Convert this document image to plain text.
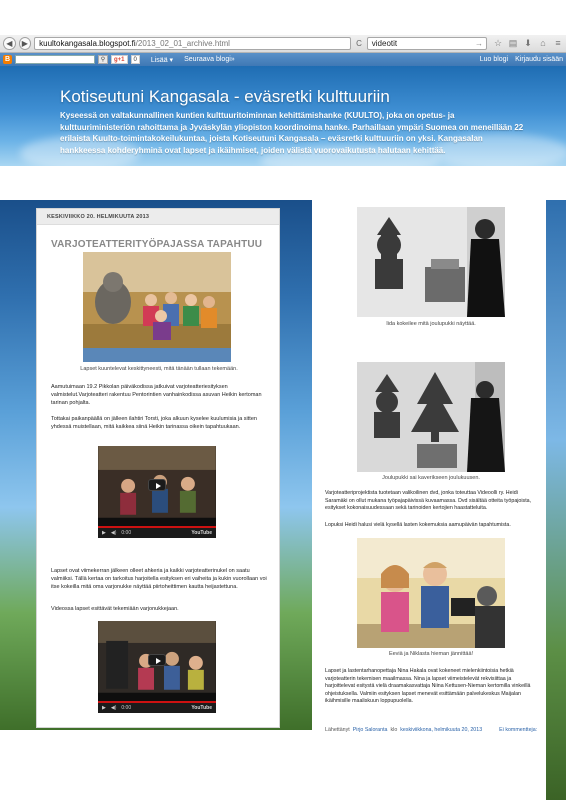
◀	▶	kuultokangasala.blogspot.fi /2013_02_01_archive.html	C videotit	→	☆ ▤ ⬇ ⌂ ≡
B	⚲	g+1	0	Lisää ▾ Seuraava blogi»	Luo blogi Kirjaudu sisään
Kotiseutuni Kangasala - eväsretki kulttuuriin
Kyseessä on valtakunnallinen kuntien kulttuuritoiminnan kehittämishanke (KUULTO), joka on opetus- ja kulttuuriministeriön rahoittama ja Jyväskylän yliopiston koordinoima hanke. Parhaillaan ympäri Suomea on meneillään 22 erilaista Kuulto-toimintakokeilukuntaa, joista Kotiseutuni Kangasala – eväsretki kulttuuriin on yksi. Kangasalan hankkeessa kohderyhminä ovat lapset ja ikäihmiset, joiden välistä vuorovaikutusta halutaan kehittää.
KESKIVIIKKO 20. HELMIKUUTA 2013
VARJOTEATTERITYÖPAJASSA TAPAHTUU
Lapset kuuntelevat keskittyneesti, mitä tänään tullaan tekemään.
Aamutuimaan 19.2 Pikkolan päiväkodissa jatkuivat varjoteatteriesityksen valmistelut.Varjoteatteri rakentuu Pentorintien vanhainkodissa asuvan Heikin kertoman tarinan pohjalta.
Tottakai paikanpäällä on jälleen ilahtiri Torsti, joka alkuun kyselee kuulumisia ja sitten yhdessä muistellaan, mitä kaikkea siinä Heikin tarinassa oikein tapahtuukaan.
▶ ◀) 0:00	YouTube
Lapset ovat viimekerran jälkeen olleet ahkeria ja kaikki varjoteatterinukel on saatu valmiiksi. Tällä kertaa on tarkoitus harjoitella esityksen eri vaiheita ja kukin vuorollaan voi itse kokeilla mitä oma varjonukke näyttää piirtoheittimen kautta heijastettuna.
Videossa lapset esittävät tekemiään varjonukkejaan.
▶ ◀) 0:00	YouTube
Iida kokeilee mitä joulupukki näyttää.
Joulupukki sai kaverikseen joulukuusen.
Varjoteatteriprojektista tuotetaan valikoilinen dvd, jonka toteuttaa Videoolli ry. Heidi Saramäki on ollut mukana työpajapäivissä kuvaamassa. Dvd sisältää otteita työpajoista, esitykset kokonaisuudessaan sekä tarinoiden kertojien haastatteluita.
Lopuksi Heidi halusi vielä kysellä lasten kokemuksia aamupäivän tapahtumista.
Eeviä ja Niklasta hieman jännittää!
Lapset ja lastentarhanopettaja Nina Hakala ovat kokeneet mielenkiintoisia hetkiä varjoteatterin tekemisen maailmassa. Nina ja lapset viimeistelevät rekvisiittaa ja harjoittelevat esitystä vielä draamakasvattaja Niina Kettusen-Nieman kertomilla vinkeillä ohjeistuksella. Valmiin esityksen lapset menevät esittämään palvelukeskus Maijalan ikäihmisille maaliskuun loppupuolella.
Lähettänyt Pirjo Saloranta klo keskiviikkona, helmikuuta 20, 2013	Ei kommentteja:
